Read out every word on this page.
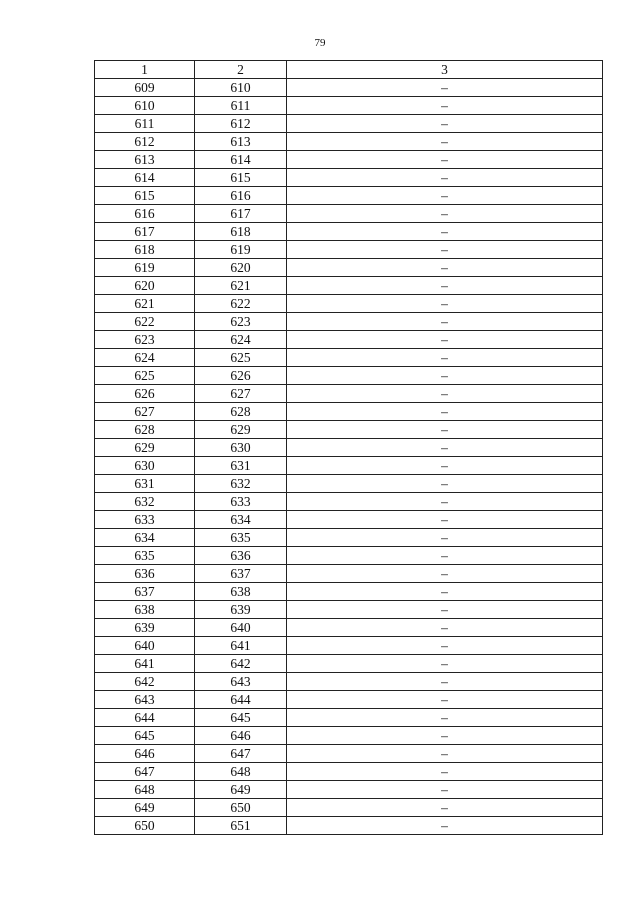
79
1	2	3
609	610	–
610	611	–
611	612	–
612	613	–
613	614	–
614	615	–
615	616	–
616	617	–
617	618	–
618	619	–
619	620	–
620	621	–
621	622	–
622	623	–
623	624	–
624	625	–
625	626	–
626	627	–
627	628	–
628	629	–
629	630	–
630	631	–
631	632	–
632	633	–
633	634	–
634	635	–
635	636	–
636	637	–
637	638	–
638	639	–
639	640	–
640	641	–
641	642	–
642	643	–
643	644	–
644	645	–
645	646	–
646	647	–
647	648	–
648	649	–
649	650	–
650	651	–
